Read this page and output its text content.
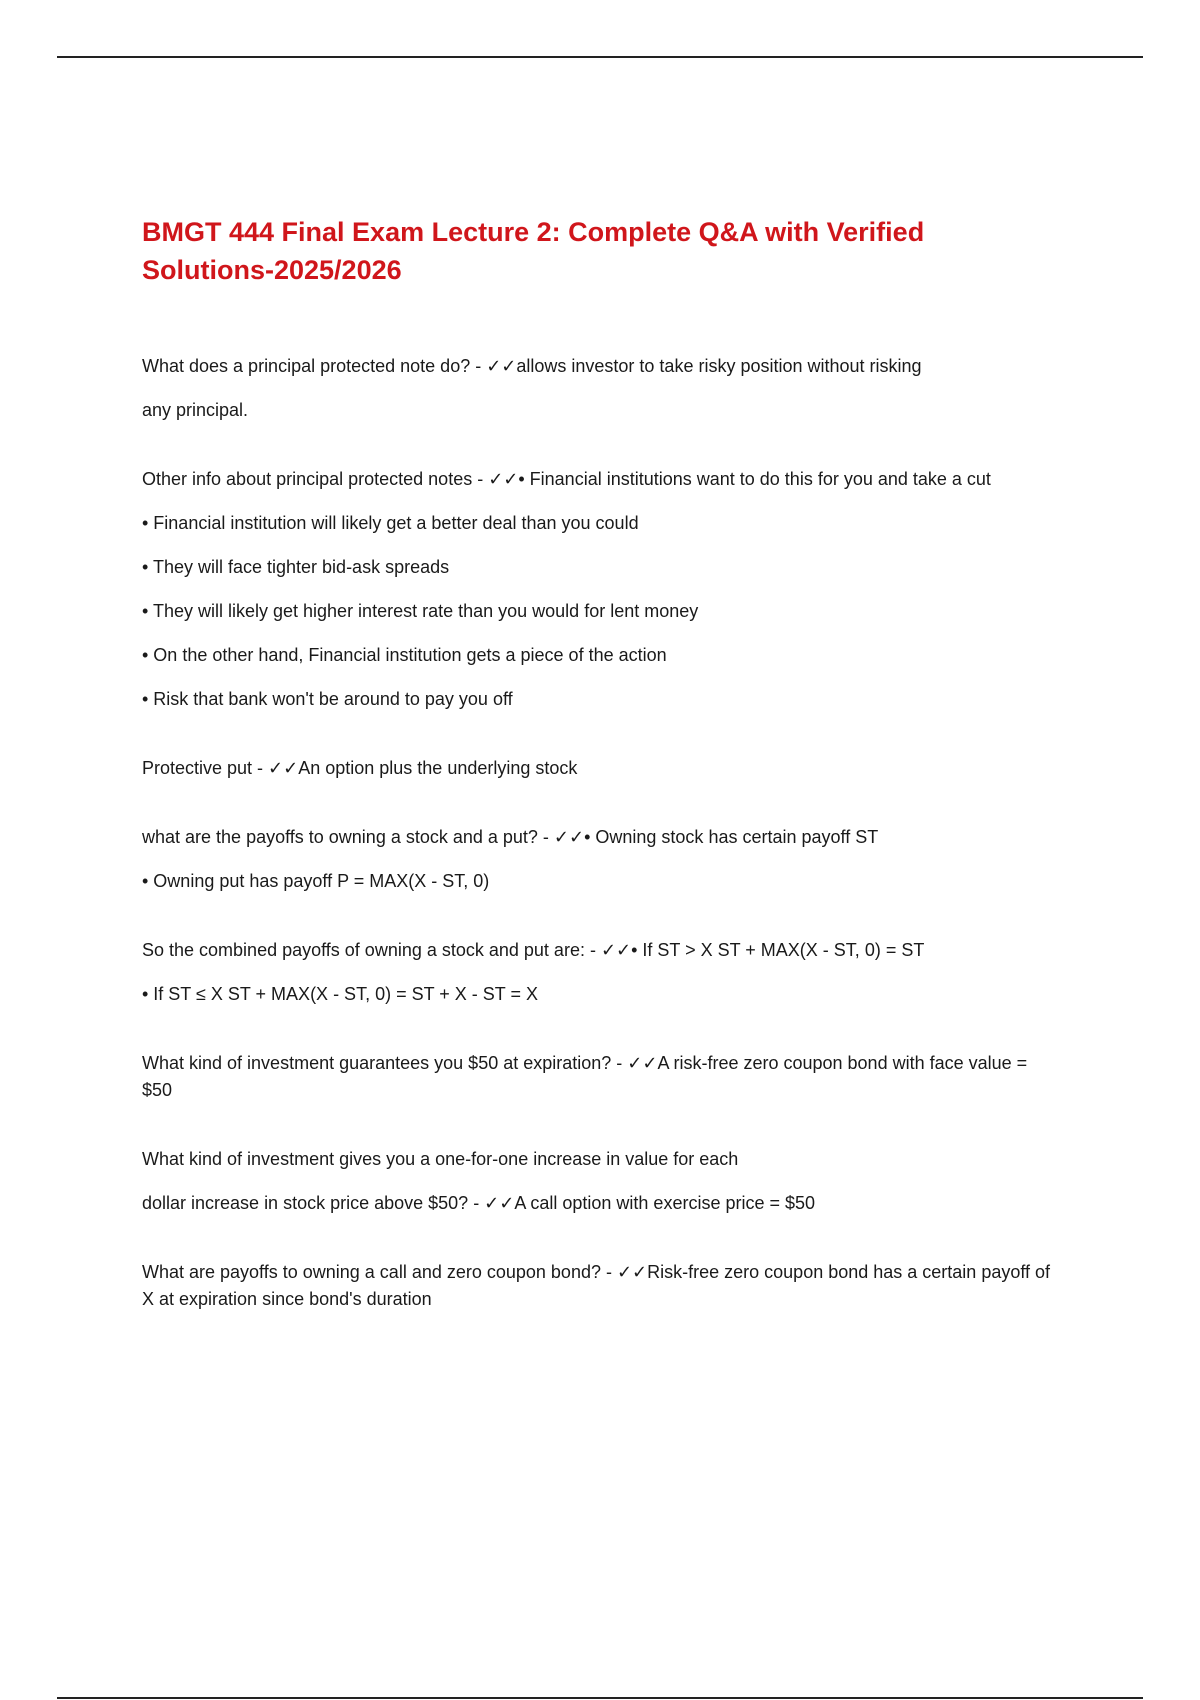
BMGT 444 Final Exam Lecture 2: Complete Q&A with Verified
Solutions-2025/2026

What does a principal protected note do? - ✓✓allows investor to take risky position without risking

any principal.

Other info about principal protected notes - ✓✓• Financial institutions want to do this for you and take a cut

• Financial institution will likely get a better deal than you could

• They will face tighter bid-ask spreads

• They will likely get higher interest rate than you would for lent money

• On the other hand, Financial institution gets a piece of the action

• Risk that bank won't be around to pay you off

Protective put - ✓✓An option plus the underlying stock

what are the payoffs to owning a stock and a put? - ✓✓• Owning stock has certain payoff ST

• Owning put has payoff P = MAX(X - ST, 0)

So the combined payoffs of owning a stock and put are: - ✓✓• If ST > X ST + MAX(X - ST, 0) = ST

• If ST ≤ X ST + MAX(X - ST, 0) = ST + X - ST = X

What kind of investment guarantees you $50 at expiration? - ✓✓A risk-free zero coupon bond with face value = $50

What kind of investment gives you a one-for-one increase in value for each

dollar increase in stock price above $50? - ✓✓A call option with exercise price = $50

What are payoffs to owning a call and zero coupon bond? - ✓✓Risk-free zero coupon bond has a certain payoff of X at expiration since bond's duration
